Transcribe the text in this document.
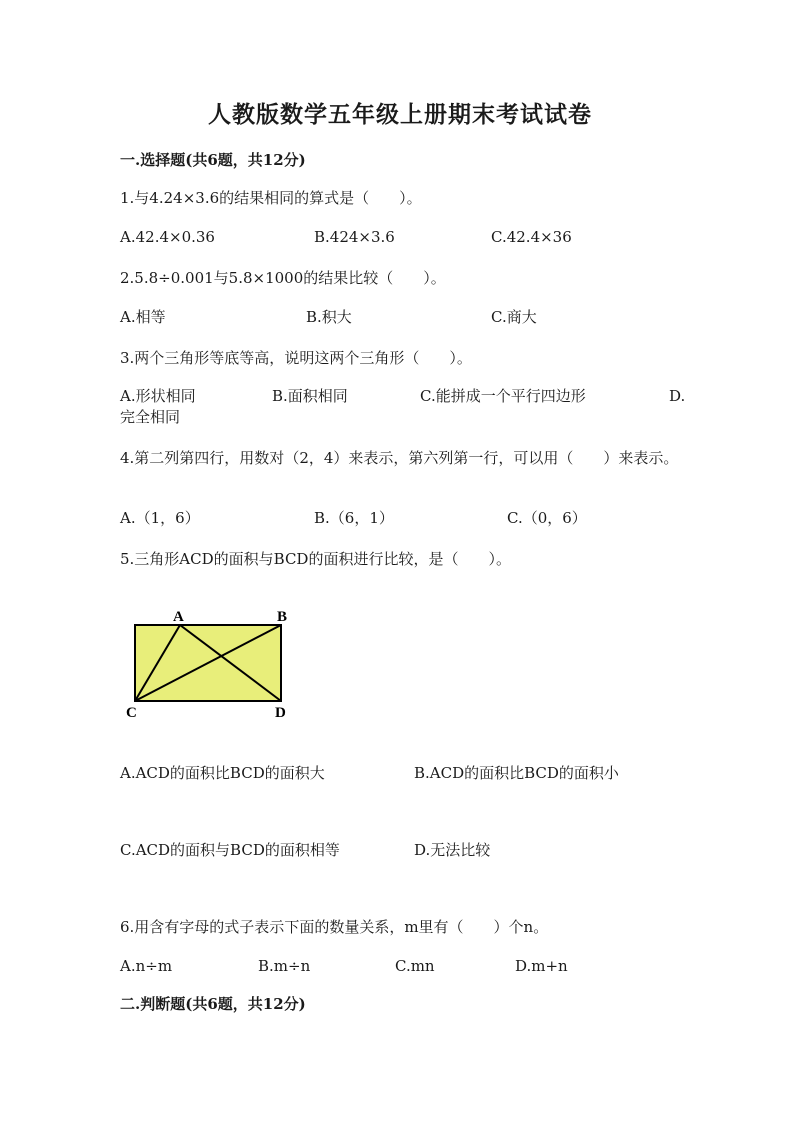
人教版数学五年级上册期末考试试卷
一.选择题(共6题，共12分)
1.与4.24×3.6的结果相同的算式是（　　）。
A.42.4×0.36	B.424×3.6	C.42.4×36
2.5.8÷0.001与5.8×1000的结果比较（　　）。
A.相等	B.积大	C.商大
3.两个三角形等底等高，说明这两个三角形（　　）。
A.形状相同	B.面积相同	C.能拼成一个平行四边形	D.
完全相同
4.第二列第四行，用数对（2，4）来表示，第六列第一行，可以用（　　）来表示。
A.（1，6）	B.（6，1）	C.（0，6）
5.三角形ACD的面积与BCD的面积进行比较，是（　　）。
A	B
C	D
A.ACD的面积比BCD的面积大	B.ACD的面积比BCD的面积小
C.ACD的面积与BCD的面积相等	D.无法比较
6.用含有字母的式子表示下面的数量关系，m里有（　　）个n。
A.n÷m	B.m÷n	C.mn	D.m+n
二.判断题(共6题，共12分)
